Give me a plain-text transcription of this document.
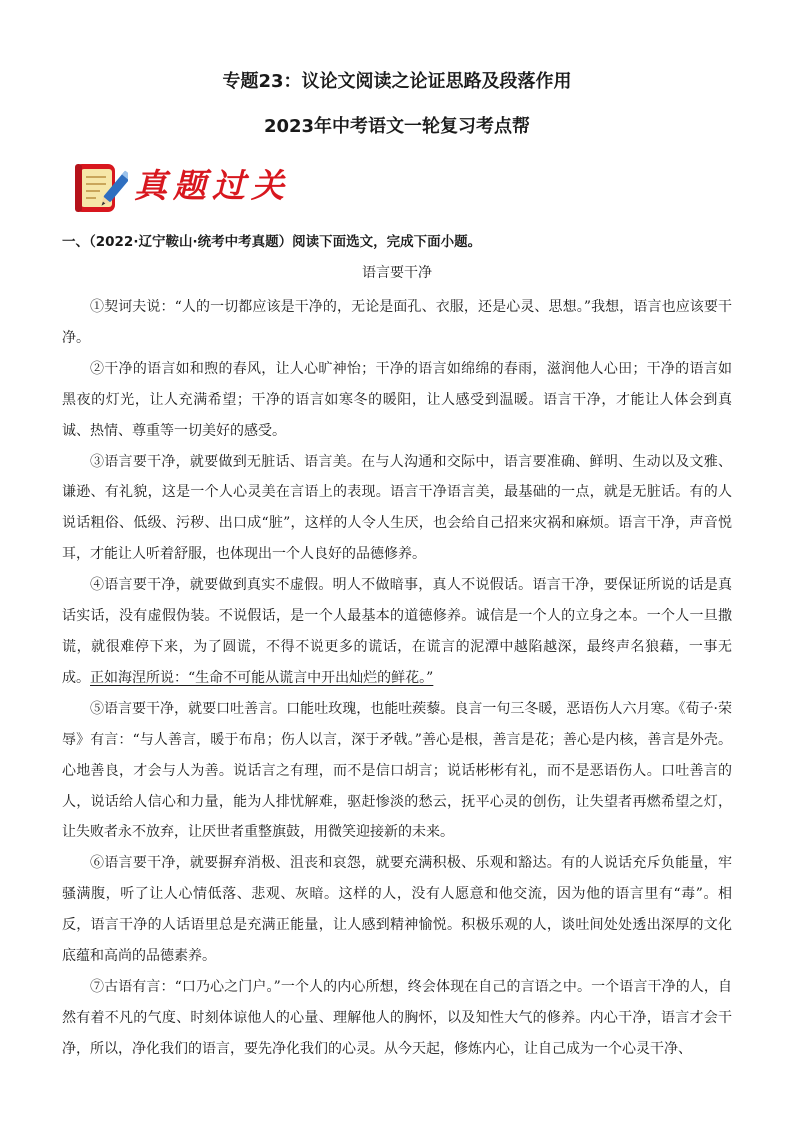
专题23：议论文阅读之论证思路及段落作用
2023年中考语文一轮复习考点帮
真题过关
一、（2022·辽宁鞍山·统考中考真题）阅读下面选文，完成下面小题。
语言要干净

①契诃夫说：“人的一切都应该是干净的，无论是面孔、衣服，还是心灵、思想。”我想，语言也应该要干净。

②干净的语言如和煦的春风，让人心旷神怡；干净的语言如绵绵的春雨，滋润他人心田；干净的语言如黑夜的灯光，让人充满希望；干净的语言如寒冬的暖阳，让人感受到温暖。语言干净，才能让人体会到真诚、热情、尊重等一切美好的感受。

③语言要干净，就要做到无脏话、语言美。在与人沟通和交际中，语言要准确、鲜明、生动以及文雅、谦逊、有礼貌，这是一个人心灵美在言语上的表现。语言干净语言美，最基础的一点，就是无脏话。有的人说话粗俗、低级、污秽、出口成“脏”，这样的人令人生厌，也会给自己招来灾祸和麻烦。语言干净，声音悦耳，才能让人听着舒服，也体现出一个人良好的品德修养。

④语言要干净，就要做到真实不虚假。明人不做暗事，真人不说假话。语言干净，要保证所说的话是真话实话，没有虚假伪装。不说假话，是一个人最基本的道德修养。诚信是一个人的立身之本。一个人一旦撒谎，就很难停下来，为了圆谎，不得不说更多的谎话，在谎言的泥潭中越陷越深，最终声名狼藉，一事无成。正如海涅所说：“生命不可能从谎言中开出灿烂的鲜花。”

⑤语言要干净，就要口吐善言。口能吐玫瑰，也能吐蒺藜。良言一句三冬暖，恶语伤人六月寒。《荀子·荣辱》有言：“与人善言，暖于布帛；伤人以言，深于矛戟。”善心是根，善言是花；善心是内核，善言是外壳。心地善良，才会与人为善。说话言之有理，而不是信口胡言；说话彬彬有礼，而不是恶语伤人。口吐善言的人，说话给人信心和力量，能为人排忧解难，驱赶惨淡的愁云，抚平心灵的创伤，让失望者再燃希望之灯，让失败者永不放弃，让厌世者重整旗鼓，用微笑迎接新的未来。

⑥语言要干净，就要摒弃消极、沮丧和哀怨，就要充满积极、乐观和豁达。有的人说话充斥负能量，牢骚满腹，听了让人心情低落、悲观、灰暗。这样的人，没有人愿意和他交流，因为他的语言里有“毒”。相反，语言干净的人话语里总是充满正能量，让人感到精神愉悦。积极乐观的人，谈吐间处处透出深厚的文化底蕴和高尚的品德素养。

⑦古语有言：“口乃心之门户。”一个人的内心所想，终会体现在自己的言语之中。一个语言干净的人，自然有着不凡的气度、时刻体谅他人的心量、理解他人的胸怀，以及知性大气的修养。内心干净，语言才会干净，所以，净化我们的语言，要先净化我们的心灵。从今天起，修炼内心，让自己成为一个心灵干净、
